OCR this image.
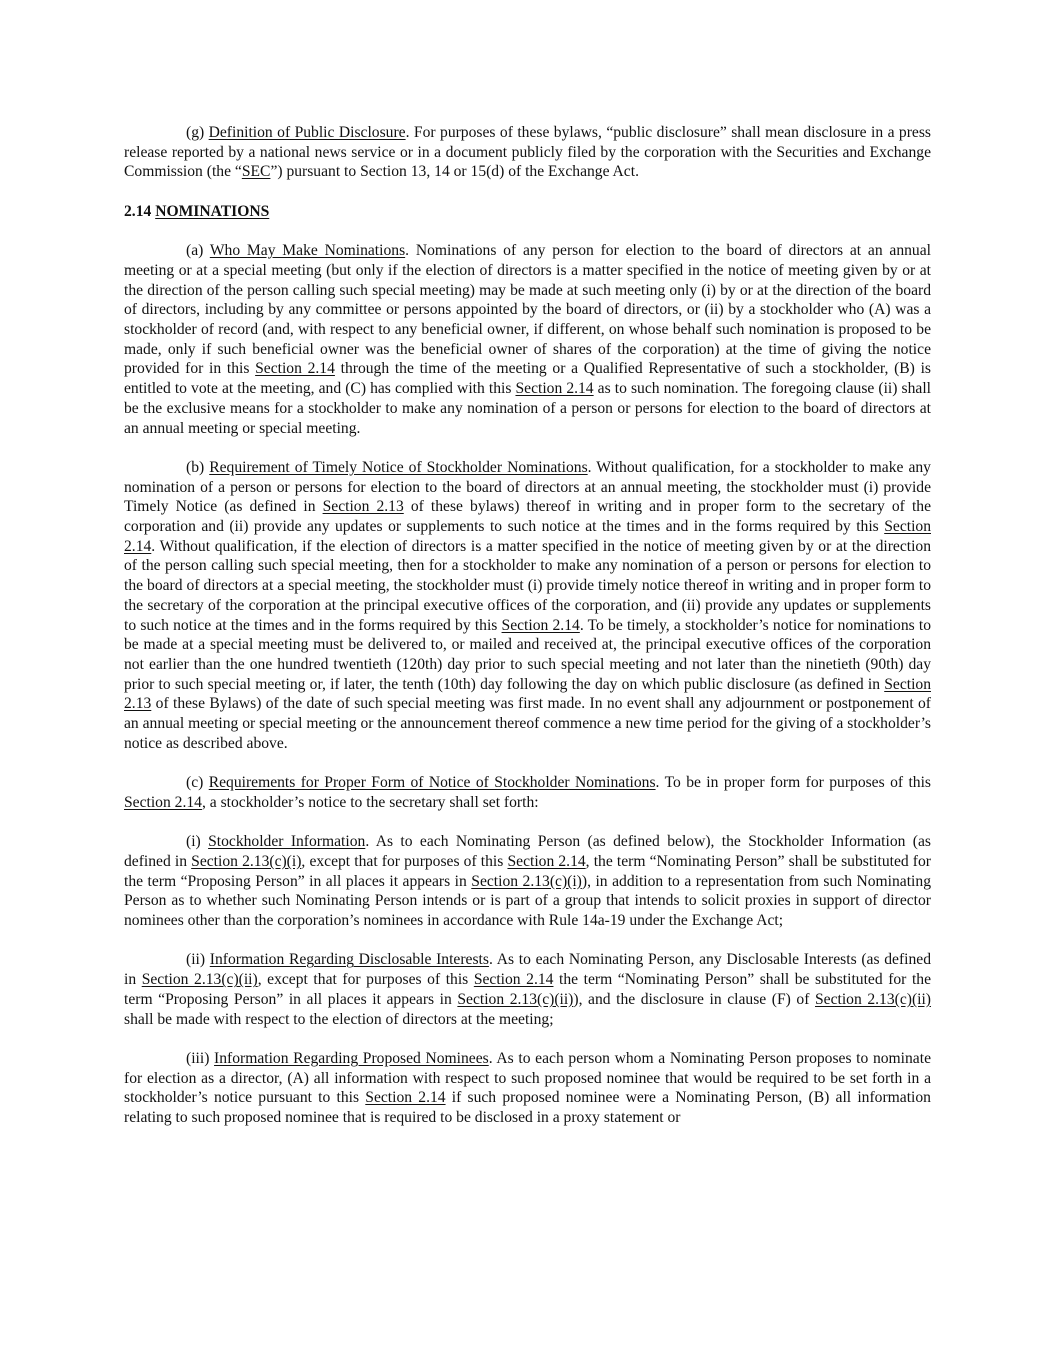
(g) Definition of Public Disclosure. For purposes of these bylaws, “public disclosure” shall mean disclosure in a press release reported by a national news service or in a document publicly filed by the corporation with the Securities and Exchange Commission (the “SEC”) pursuant to Section 13, 14 or 15(d) of the Exchange Act.

2.14 NOMINATIONS

(a) Who May Make Nominations. Nominations of any person for election to the board of directors at an annual meeting or at a special meeting (but only if the election of directors is a matter specified in the notice of meeting given by or at the direction of the person calling such special meeting) may be made at such meeting only (i) by or at the direction of the board of directors, including by any committee or persons appointed by the board of directors, or (ii) by a stockholder who (A) was a stockholder of record (and, with respect to any beneficial owner, if different, on whose behalf such nomination is proposed to be made, only if such beneficial owner was the beneficial owner of shares of the corporation) at the time of giving the notice provided for in this Section 2.14 through the time of the meeting or a Qualified Representative of such a stockholder, (B) is entitled to vote at the meeting, and (C) has complied with this Section 2.14 as to such nomination. The foregoing clause (ii) shall be the exclusive means for a stockholder to make any nomination of a person or persons for election to the board of directors at an annual meeting or special meeting.

(b) Requirement of Timely Notice of Stockholder Nominations. Without qualification, for a stockholder to make any nomination of a person or persons for election to the board of directors at an annual meeting, the stockholder must (i) provide Timely Notice (as defined in Section 2.13 of these bylaws) thereof in writing and in proper form to the secretary of the corporation and (ii) provide any updates or supplements to such notice at the times and in the forms required by this Section 2.14. Without qualification, if the election of directors is a matter specified in the notice of meeting given by or at the direction of the person calling such special meeting, then for a stockholder to make any nomination of a person or persons for election to the board of directors at a special meeting, the stockholder must (i) provide timely notice thereof in writing and in proper form to the secretary of the corporation at the principal executive offices of the corporation, and (ii) provide any updates or supplements to such notice at the times and in the forms required by this Section 2.14. To be timely, a stockholder’s notice for nominations to be made at a special meeting must be delivered to, or mailed and received at, the principal executive offices of the corporation not earlier than the one hundred twentieth (120th) day prior to such special meeting and not later than the ninetieth (90th) day prior to such special meeting or, if later, the tenth (10th) day following the day on which public disclosure (as defined in Section 2.13 of these Bylaws) of the date of such special meeting was first made. In no event shall any adjournment or postponement of an annual meeting or special meeting or the announcement thereof commence a new time period for the giving of a stockholder’s notice as described above.

(c) Requirements for Proper Form of Notice of Stockholder Nominations. To be in proper form for purposes of this Section 2.14, a stockholder’s notice to the secretary shall set forth:

(i) Stockholder Information. As to each Nominating Person (as defined below), the Stockholder Information (as defined in Section 2.13(c)(i), except that for purposes of this Section 2.14, the term “Nominating Person” shall be substituted for the term “Proposing Person” in all places it appears in Section 2.13(c)(i)), in addition to a representation from such Nominating Person as to whether such Nominating Person intends or is part of a group that intends to solicit proxies in support of director nominees other than the corporation’s nominees in accordance with Rule 14a-19 under the Exchange Act;

(ii) Information Regarding Disclosable Interests. As to each Nominating Person, any Disclosable Interests (as defined in Section 2.13(c)(ii), except that for purposes of this Section 2.14 the term “Nominating Person” shall be substituted for the term “Proposing Person” in all places it appears in Section 2.13(c)(ii)), and the disclosure in clause (F) of Section 2.13(c)(ii) shall be made with respect to the election of directors at the meeting;

(iii) Information Regarding Proposed Nominees. As to each person whom a Nominating Person proposes to nominate for election as a director, (A) all information with respect to such proposed nominee that would be required to be set forth in a stockholder’s notice pursuant to this Section 2.14 if such proposed nominee were a Nominating Person, (B) all information relating to such proposed nominee that is required to be disclosed in a proxy statement or
